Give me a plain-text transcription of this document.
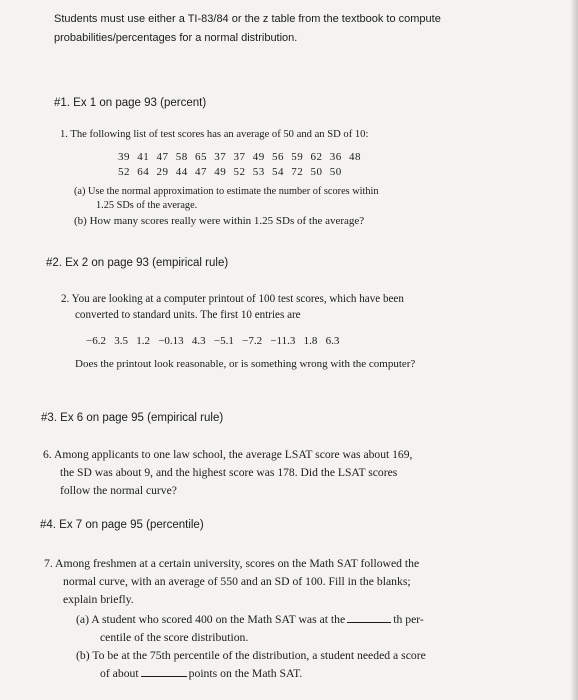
Students must use either a TI-83/84 or the z table from the textbook to compute
probabilities/percentages for a normal distribution.
#1. Ex 1 on page 93 (percent)
1. The following list of test scores has an average of 50 and an SD of 10:
39 41 47 58 65 37 37 49 56 59 62 36 48
52 64 29 44 47 49 52 53 54 72 50 50
(a) Use the normal approximation to estimate the number of scores within
1.25 SDs of the average.
(b) How many scores really were within 1.25 SDs of the average?
#2. Ex 2 on page 93 (empirical rule)
2. You are looking at a computer printout of 100 test scores, which have been
converted to standard units. The first 10 entries are
−6.2   3.5   1.2   −0.13   4.3   −5.1   −7.2   −11.3   1.8   6.3
Does the printout look reasonable, or is something wrong with the computer?
#3. Ex 6 on page 95 (empirical rule)
6. Among applicants to one law school, the average LSAT score was about 169,
the SD was about 9, and the highest score was 178. Did the LSAT scores
follow the normal curve?
#4. Ex 7 on page 95 (percentile)
7. Among freshmen at a certain university, scores on the Math SAT followed the
normal curve, with an average of 550 and an SD of 100. Fill in the blanks;
explain briefly.
(a) A student who scored 400 on the Math SAT was at the	th per-
centile of the score distribution.
(b) To be at the 75th percentile of the distribution, a student needed a score
of about	points on the Math SAT.
